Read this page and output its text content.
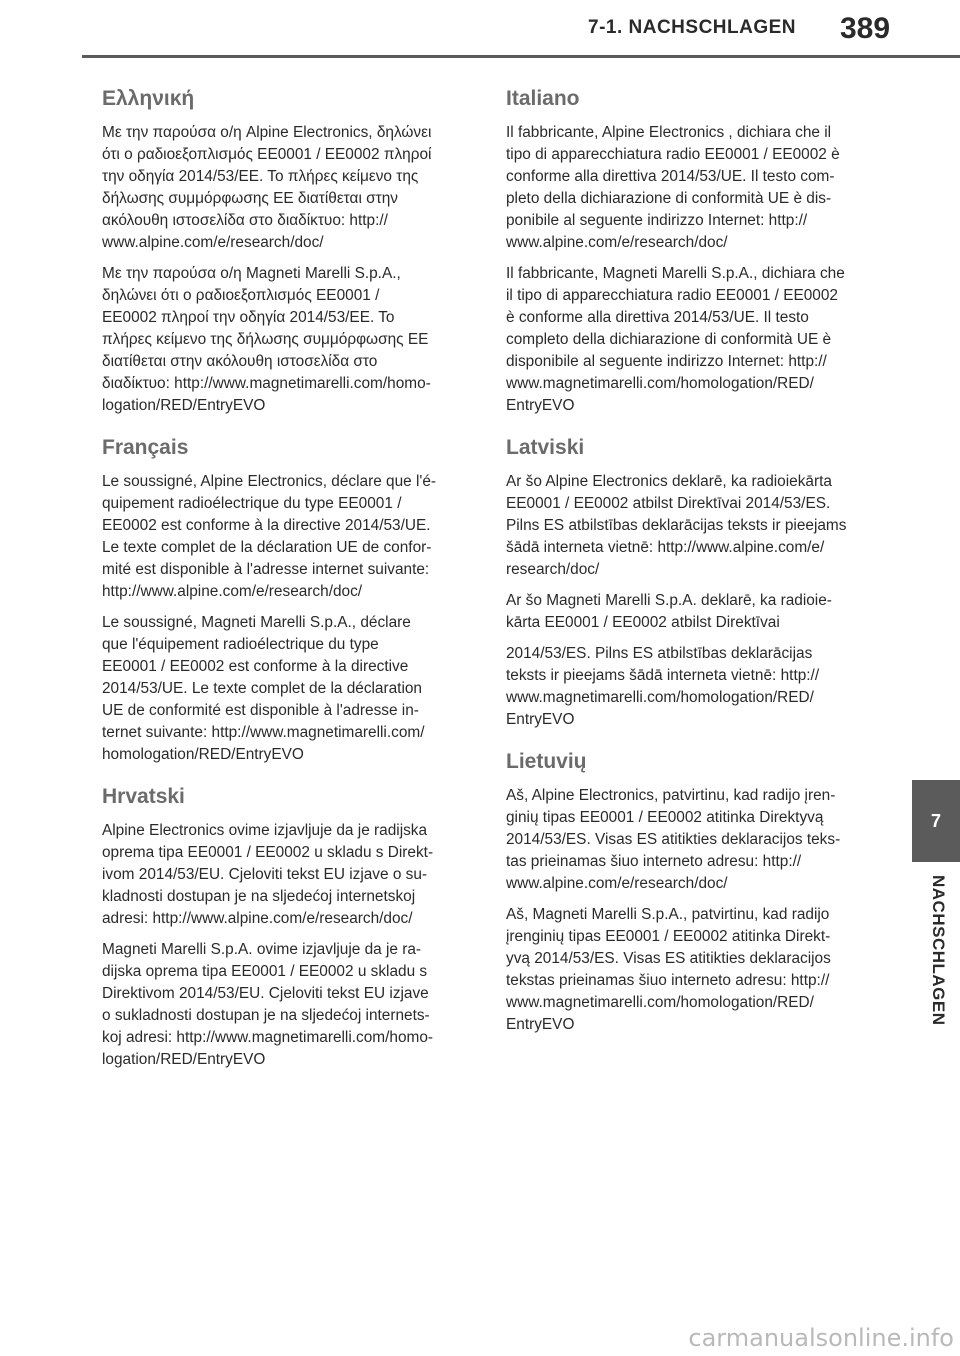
7-1. NACHSCHLAGEN	389
Ελληνική

Με την παρούσα ο/η Alpine Electronics, δηλώνει
ότι ο ραδιοεξοπλισμός EE0001 / EE0002 πληροί
την οδηγία 2014/53/ΕΕ. Το πλήρες κείμενο της
δήλωσης συμμόρφωσης ΕΕ διατίθεται στην
ακόλουθη ιστοσελίδα στο διαδίκτυο: http://
www.alpine.com/e/research/doc/

Με την παρούσα ο/η Magneti Marelli S.p.A.,
δηλώνει ότι ο ραδιοεξοπλισμός EE0001 /
EE0002 πληροί την οδηγία 2014/53/ΕΕ. Το
πλήρες κείμενο της δήλωσης συμμόρφωσης ΕΕ
διατίθεται στην ακόλουθη ιστοσελίδα στο
διαδίκτυο: http://www.magnetimarelli.com/homo-
logation/RED/EntryEVO

Français

Le soussigné, Alpine Electronics, déclare que l'é-
quipement radioélectrique du type EE0001 /
EE0002 est conforme à la directive 2014/53/UE.
Le texte complet de la déclaration UE de confor-
mité est disponible à l'adresse internet suivante:
http://www.alpine.com/e/research/doc/

Le soussigné, Magneti Marelli S.p.A., déclare
que l'équipement radioélectrique du type
EE0001 / EE0002 est conforme à la directive
2014/53/UE. Le texte complet de la déclaration
UE de conformité est disponible à l'adresse in-
ternet suivante: http://www.magnetimarelli.com/
homologation/RED/EntryEVO

Hrvatski

Alpine Electronics ovime izjavljuje da je radijska
oprema tipa EE0001 / EE0002 u skladu s Direkt-
ivom 2014/53/EU. Cjeloviti tekst EU izjave o su-
kladnosti dostupan je na sljedećoj internetskoj
adresi: http://www.alpine.com/e/research/doc/

Magneti Marelli S.p.A. ovime izjavljuje da je ra-
dijska oprema tipa EE0001 / EE0002 u skladu s
Direktivom 2014/53/EU. Cjeloviti tekst EU izjave
o sukladnosti dostupan je na sljedećoj internets-
koj adresi: http://www.magnetimarelli.com/homo-
logation/RED/EntryEVO

Italiano

Il fabbricante, Alpine Electronics , dichiara che il
tipo di apparecchiatura radio EE0001 / EE0002 è
conforme alla direttiva 2014/53/UE. Il testo com-
pleto della dichiarazione di conformità UE è dis-
ponibile al seguente indirizzo Internet: http://
www.alpine.com/e/research/doc/

Il fabbricante, Magneti Marelli S.p.A., dichiara che
il tipo di apparecchiatura radio EE0001 / EE0002
è conforme alla direttiva 2014/53/UE. Il testo
completo della dichiarazione di conformità UE è
disponibile al seguente indirizzo Internet: http://
www.magnetimarelli.com/homologation/RED/
EntryEVO

Latviski

Ar šo Alpine Electronics deklarē, ka radioiekārta
EE0001 / EE0002 atbilst Direktīvai 2014/53/ES.
Pilns ES atbilstības deklarācijas teksts ir pieejams
šādā interneta vietnē: http://www.alpine.com/e/
research/doc/

Ar šo Magneti Marelli S.p.A. deklarē, ka radioie-
kārta EE0001 / EE0002 atbilst Direktīvai

2014/53/ES. Pilns ES atbilstības deklarācijas
teksts ir pieejams šādā interneta vietnē: http://
www.magnetimarelli.com/homologation/RED/
EntryEVO

Lietuvių

Aš, Alpine Electronics, patvirtinu, kad radijo įren-
ginių tipas EE0001 / EE0002 atitinka Direktyvą
2014/53/ES. Visas ES atitikties deklaracijos teks-
tas prieinamas šiuo interneto adresu: http://
www.alpine.com/e/research/doc/

Aš, Magneti Marelli S.p.A., patvirtinu, kad radijo
įrenginių tipas EE0001 / EE0002 atitinka Direkt-
yvą 2014/53/ES. Visas ES atitikties deklaracijos
tekstas prieinamas šiuo interneto adresu: http://
www.magnetimarelli.com/homologation/RED/
EntryEVO

7
NACHSCHLAGEN
carmanualsonline.info
